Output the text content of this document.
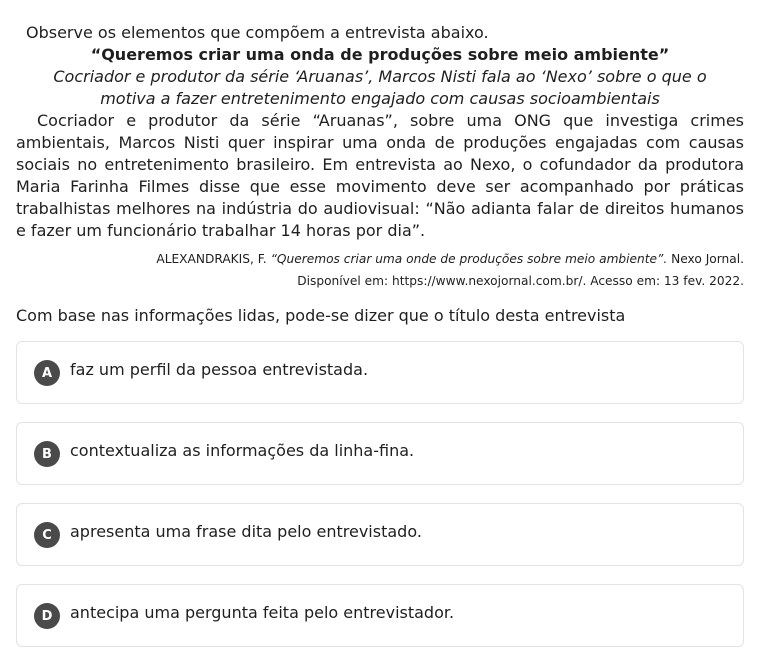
Observe os elementos que compõem a entrevista abaixo.

“Queremos criar uma onda de produções sobre meio ambiente”

Cocriador e produtor da série ‘Aruanas’, Marcos Nisti fala ao ‘Nexo’ sobre o que o motiva a fazer entretenimento engajado com causas socioambientais

Cocriador e produtor da série “Aruanas”, sobre uma ONG que investiga crimes ambientais, Marcos Nisti quer inspirar uma onda de produções engajadas com causas sociais no entretenimento brasileiro. Em entrevista ao Nexo, o cofundador da produtora Maria Farinha Filmes disse que esse movimento deve ser acompanhado por práticas trabalhistas melhores na indústria do audiovisual: “Não adianta falar de direitos humanos e fazer um funcionário trabalhar 14 horas por dia”.

ALEXANDRAKIS, F. “Queremos criar uma onde de produções sobre meio ambiente”. Nexo Jornal.

Disponível em: https://www.nexojornal.com.br/. Acesso em: 13 fev. 2022.

Com base nas informações lidas, pode-se dizer que o título desta entrevista

A	faz um perfil da pessoa entrevistada.
B	contextualiza as informações da linha-fina.
C	apresenta uma frase dita pelo entrevistado.
D	antecipa uma pergunta feita pelo entrevistador.
